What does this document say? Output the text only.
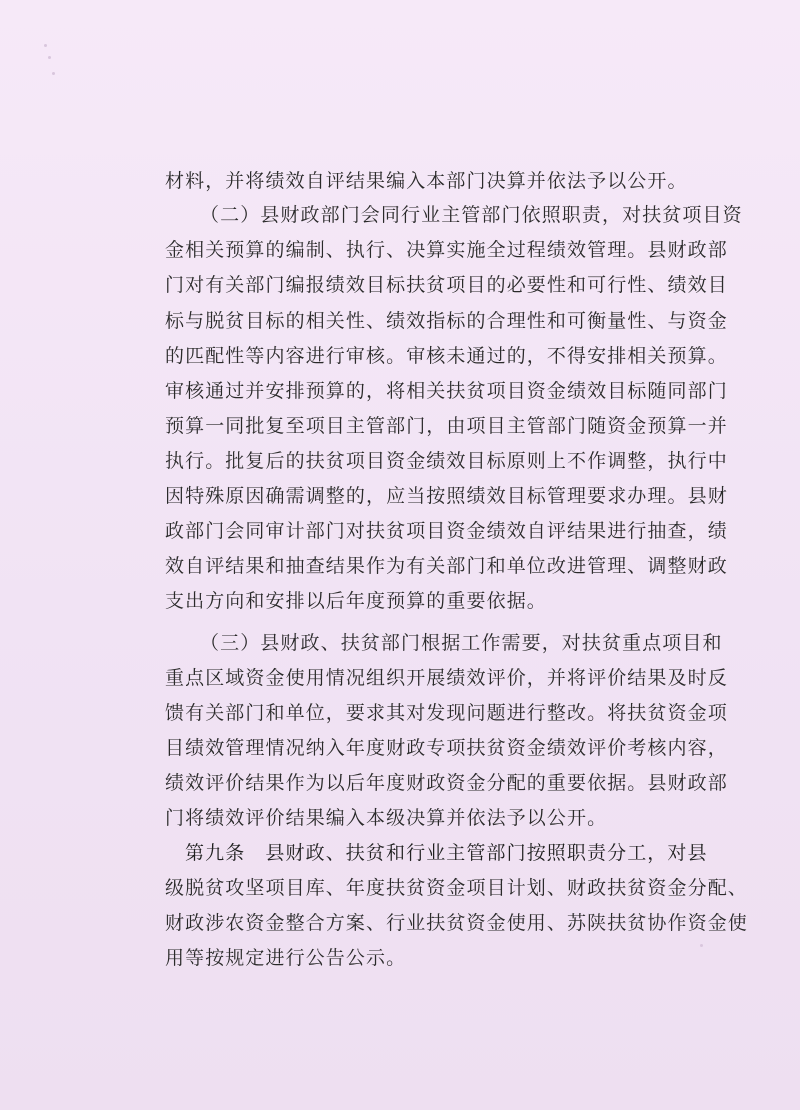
材料，并将绩效自评结果编入本部门决算并依法予以公开。
（二）县财政部门会同行业主管部门依照职责，对扶贫项目资
金相关预算的编制、执行、决算实施全过程绩效管理。县财政部
门对有关部门编报绩效目标扶贫项目的必要性和可行性、绩效目
标与脱贫目标的相关性、绩效指标的合理性和可衡量性、与资金
的匹配性等内容进行审核。审核未通过的，不得安排相关预算。
审核通过并安排预算的，将相关扶贫项目资金绩效目标随同部门
预算一同批复至项目主管部门，由项目主管部门随资金预算一并
执行。批复后的扶贫项目资金绩效目标原则上不作调整，执行中
因特殊原因确需调整的，应当按照绩效目标管理要求办理。县财
政部门会同审计部门对扶贫项目资金绩效自评结果进行抽查，绩
效自评结果和抽查结果作为有关部门和单位改进管理、调整财政
支出方向和安排以后年度预算的重要依据。
（三）县财政、扶贫部门根据工作需要，对扶贫重点项目和
重点区域资金使用情况组织开展绩效评价，并将评价结果及时反
馈有关部门和单位，要求其对发现问题进行整改。将扶贫资金项
目绩效管理情况纳入年度财政专项扶贫资金绩效评价考核内容，
绩效评价结果作为以后年度财政资金分配的重要依据。县财政部
门将绩效评价结果编入本级决算并依法予以公开。
第九条　县财政、扶贫和行业主管部门按照职责分工，对县
级脱贫攻坚项目库、年度扶贫资金项目计划、财政扶贫资金分配、
财政涉农资金整合方案、行业扶贫资金使用、苏陕扶贫协作资金使
用等按规定进行公告公示。
